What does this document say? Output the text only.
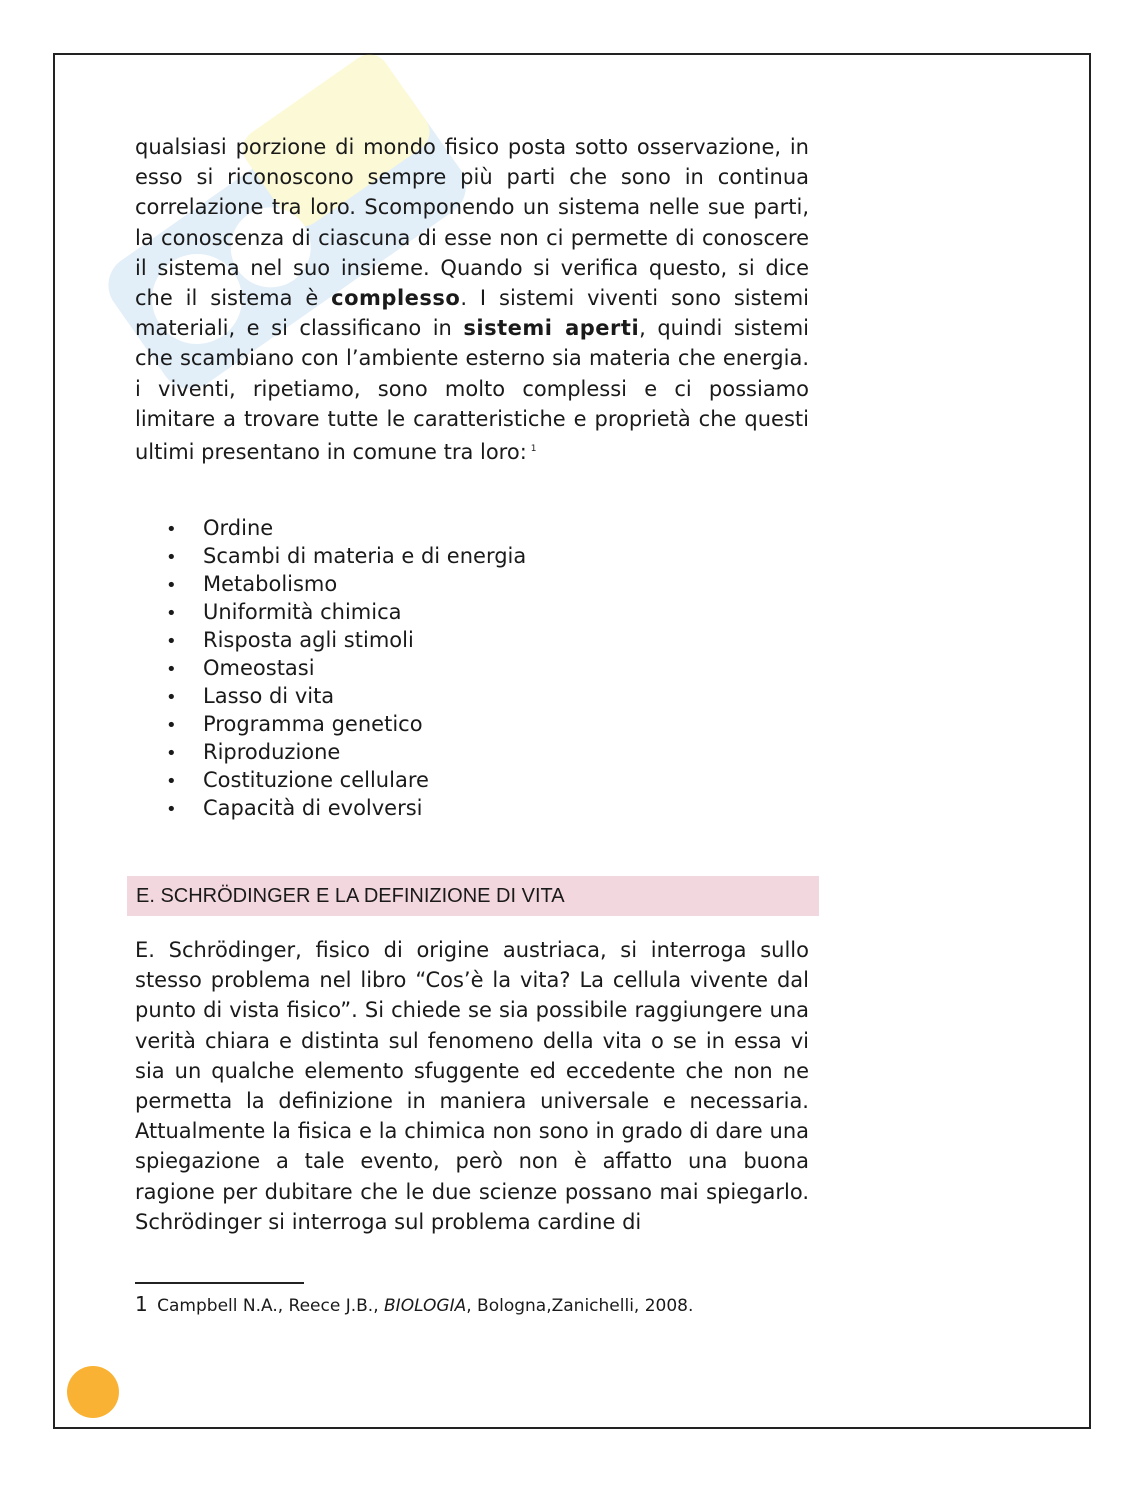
qualsiasi porzione di mondo fisico posta sotto osservazione, in esso si riconoscono sempre più parti che sono in continua correlazione tra loro. Scomponendo un sistema nelle sue parti, la conoscenza di ciascuna di esse non ci permette di conoscere il sistema nel suo insieme. Quando si verifica questo, si dice che il sistema è complesso. I sistemi viventi sono sistemi materiali, e si classificano in sistemi aperti, quindi sistemi che scambiano con l’ambiente esterno sia materia che energia. i viventi, ripetiamo, sono molto complessi e ci possiamo limitare a trovare tutte le caratteristiche e proprietà che questi ultimi presentano in comune tra loro: $^1$

• Ordine
• Scambi di materia e di energia
• Metabolismo
• Uniformità chimica
• Risposta agli stimoli
• Omeostasi
• Lasso di vita
• Programma genetico
• Riproduzione
• Costituzione cellulare
• Capacità di evolversi
E. SCHRÖDINGER E LA DEFINIZIONE DI VITA

E. Schrödinger, fisico di origine austriaca, si interroga sullo stesso problema nel libro “Cos’è la vita? La cellula vivente dal punto di vista fisico”. Si chiede se sia possibile raggiungere una verità chiara e distinta sul fenomeno della vita o se in essa vi sia un qualche elemento sfuggente ed eccedente che non ne permetta la definizione in maniera universale e necessaria. Attualmente la fisica e la chimica non sono in grado di dare una spiegazione a tale evento, però non è affatto una buona ragione per dubitare che le due scienze possano mai spiegarlo. Schrödinger si interroga sul problema cardine di

1 Campbell N.A., Reece J.B., BIOLOGIA, Bologna,Zanichelli, 2008.
